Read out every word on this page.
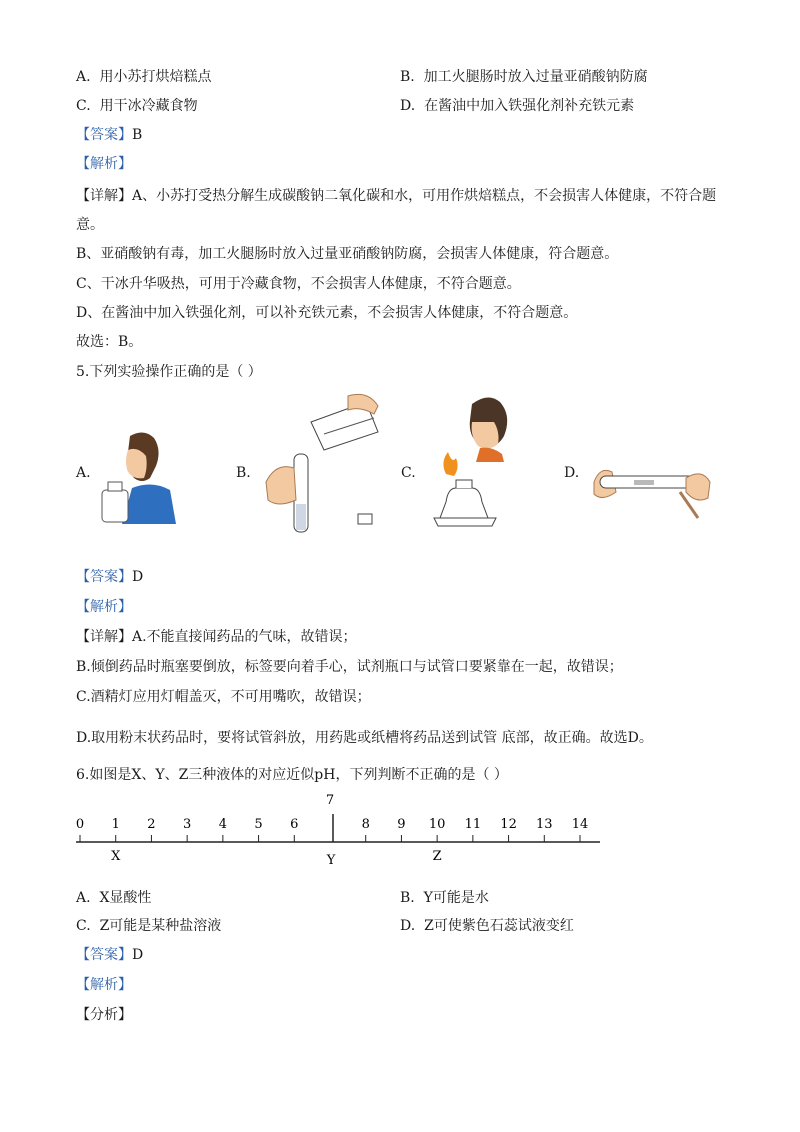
A. 用小苏打烘焙糕点	B. 加工火腿肠时放入过量亚硝酸钠防腐
C. 用干冰冷藏食物	D. 在酱油中加入铁强化剂补充铁元素
【答案】B
【解析】
【详解】A、小苏打受热分解生成碳酸钠二氧化碳和水，可用作烘焙糕点，不会损害人体健康，不符合题
意。
B、亚硝酸钠有毒，加工火腿肠时放入过量亚硝酸钠防腐，会损害人体健康，符合题意。
C、干冰升华吸热，可用于冷藏食物，不会损害人体健康，不符合题意。
D、在酱油中加入铁强化剂，可以补充铁元素，不会损害人体健康，不符合题意。
故选：B。
5.下列实验操作正确的是（ ）
A.	B.	C.	D.
【答案】D
【解析】
【详解】A.不能直接闻药品的气味，故错误；
B.倾倒药品时瓶塞要倒放，标签要向着手心，试剂瓶口与试管口要紧靠在一起，故错误；
C.酒精灯应用灯帽盖灭，不可用嘴吹，故错误；
D.取用粉末状药品时，要将试管斜放，用药匙或纸槽将药品送到试管 底部，故正确。故选D。
6.如图是X、Y、Z三种液体的对应近似pH，下列判断不正确的是（ ）
0 1 2 3 4 5 6
7
8 9 10 11 12 13 14
X	Y	Z
A. X显酸性	B. Y可能是水
C. Z可能是某种盐溶液	D. Z可使紫色石蕊试液变红
【答案】D
【解析】
【分析】
